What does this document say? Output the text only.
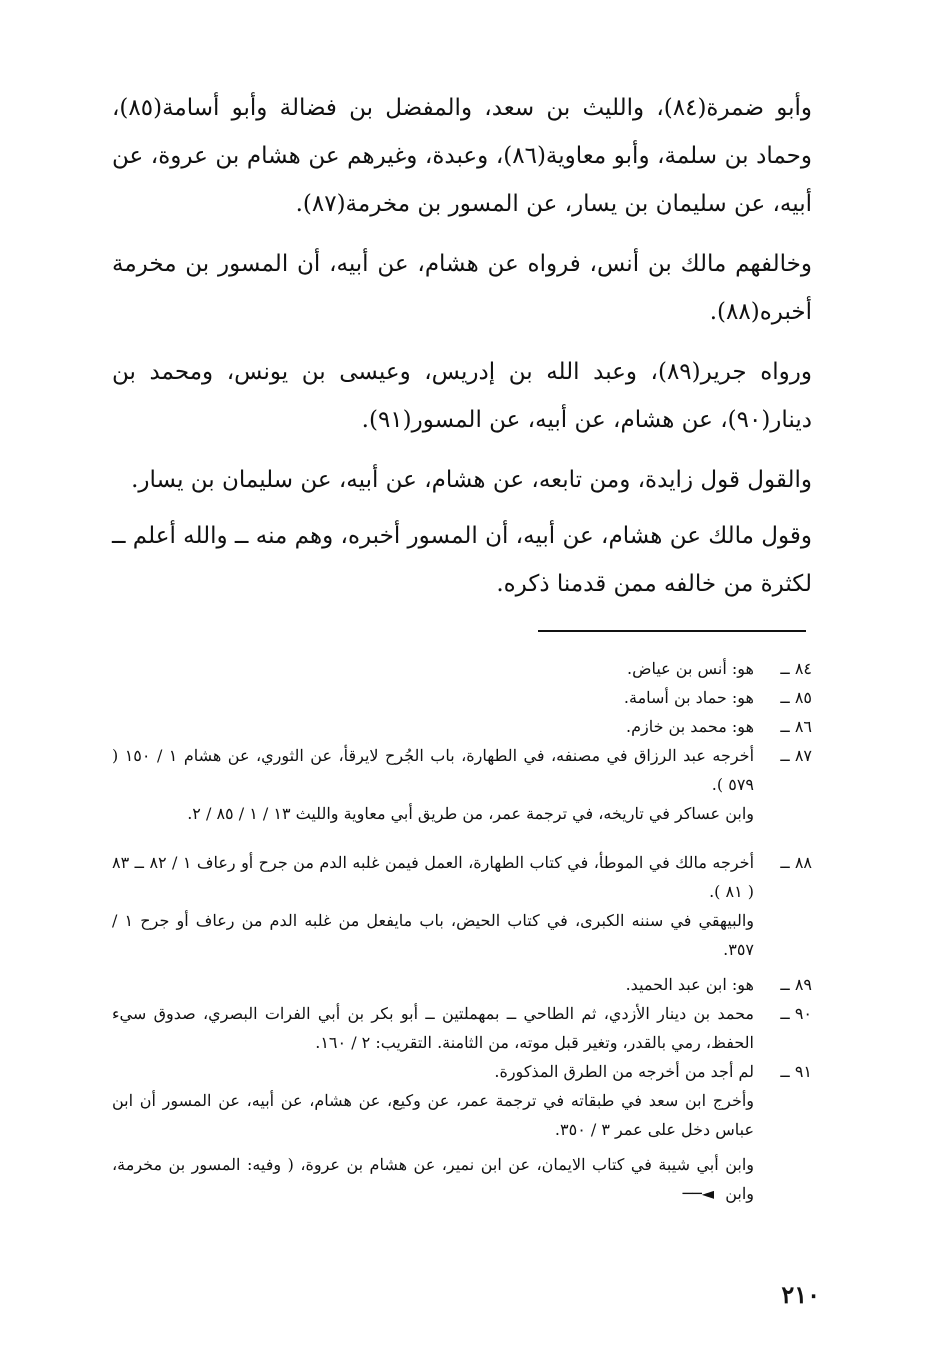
وأبو ضمرة(٨٤)، والليث بن سعد، والمفضل بن فضالة وأبو أسامة(٨٥)، وحماد بن سلمة، وأبو معاوية(٨٦)، وعبدة، وغيرهم عن هشام بن عروة، عن أبيه، عن سليمان بن يسار، عن المسور بن مخرمة(٨٧).

وخالفهم مالك بن أنس، فرواه عن هشام، عن أبيه، أن المسور بن مخرمة أخبره(٨٨).

ورواه جرير(٨٩)، وعبد الله بن إدريس، وعيسى بن يونس، ومحمد بن دينار(٩٠)، عن هشام، عن أبيه، عن المسور(٩١).

والقول قول زايدة، ومن تابعه، عن هشام، عن أبيه، عن سليمان بن يسار.

وقول مالك عن هشام، عن أبيه، أن المسور أخبره، وهم منه ــ والله أعلم ــ لكثرة من خالفه ممن قدمنا ذكره.

٨٤ ــ
هو: أنس بن عياض.
٨٥ ــ
هو: حماد بن أسامة.
٨٦ ــ
هو: محمد بن خازم.
٨٧ ــ
أخرجه عبد الرزاق في مصنفه، في الطهارة، باب الجُرح لايرقأ، عن الثوري، عن هشام ١ / ١٥٠ ( ٥٧٩ ).
وابن عساكر في تاريخه، في ترجمة عمر، من طريق أبي معاوية والليث ١٣ / ١ / ٨٥ / ٢.
٨٨ ــ
أخرجه مالك في الموطأ، في كتاب الطهارة، العمل فيمن غلبه الدم من جرح أو رعاف ١ / ٨٢ ــ ٨٣ ( ٨١ ).
والبيهقي في سننه الكبرى، في كتاب الحيض، باب مايفعل من غلبه الدم من رعاف أو جرح ١ / ٣٥٧.
٨٩ ــ
هو: ابن عبد الحميد.
٩٠ ــ
محمد بن دينار الأزدي، ثم الطاحي ــ بمهملتين ــ أبو بكر بن أبي الفرات البصري، صدوق سيء الحفظ، رمي بالقدر، وتغير قبل موته، من الثامنة. التقريب: ٢ / ١٦٠.
٩١ ــ
لم أجد من أخرجه من الطرق المذكورة.
وأخرج ابن سعد في طبقاته في ترجمة عمر، عن وكيع، عن هشام، عن أبيه، عن المسور أن ابن عباس دخل على عمر ٣ / ٣٥٠.
وابن أبي شيبة في كتاب الايمان، عن ابن نمير، عن هشام بن عروة، ( وفيه: المسور بن مخرمة، وابن ◄──
٢١٠
